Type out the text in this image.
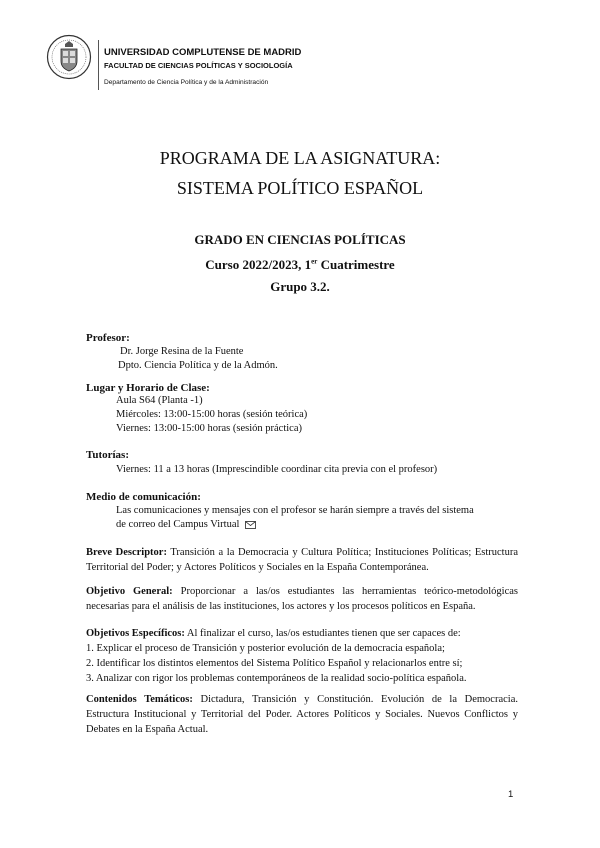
UNIVERSIDAD COMPLUTENSE DE MADRID
FACULTAD DE CIENCIAS POLÍTICAS Y SOCIOLOGÍA
Departamento de Ciencia Política y de la Administración
PROGRAMA DE LA ASIGNATURA:
SISTEMA POLÍTICO ESPAÑOL
GRADO EN CIENCIAS POLÍTICAS
Curso 2022/2023, 1er Cuatrimestre
Grupo 3.2.
Profesor:
Dr. Jorge Resina de la Fuente
Dpto. Ciencia Política y de la Admón.
Lugar y Horario de Clase:
Aula S64 (Planta -1)
Miércoles: 13:00-15:00 horas (sesión teórica)
Viernes: 13:00-15:00 horas (sesión práctica)
Tutorías:
Viernes: 11 a 13 horas (Imprescindible coordinar cita previa con el profesor)
Medio de comunicación:
Las comunicaciones y mensajes con el profesor se harán siempre a través del sistema
de correo del Campus Virtual
Breve Descriptor: Transición a la Democracia y Cultura Política; Instituciones Políticas; Estructura Territorial del Poder; y Actores Políticos y Sociales en la España Contemporánea.
Objetivo General: Proporcionar a las/os estudiantes las herramientas teórico-metodológicas necesarias para el análisis de las instituciones, los actores y los procesos políticos en España.
Objetivos Específicos: Al finalizar el curso, las/os estudiantes tienen que ser capaces de:
1. Explicar el proceso de Transición y posterior evolución de la democracia española;
2. Identificar los distintos elementos del Sistema Político Español y relacionarlos entre sí;
3. Analizar con rigor los problemas contemporáneos de la realidad socio-política española.
Contenidos Temáticos: Dictadura, Transición y Constitución. Evolución de la Democracia. Estructura Institucional y Territorial del Poder. Actores Políticos y Sociales. Nuevos Conflictos y Debates en la España Actual.
1
